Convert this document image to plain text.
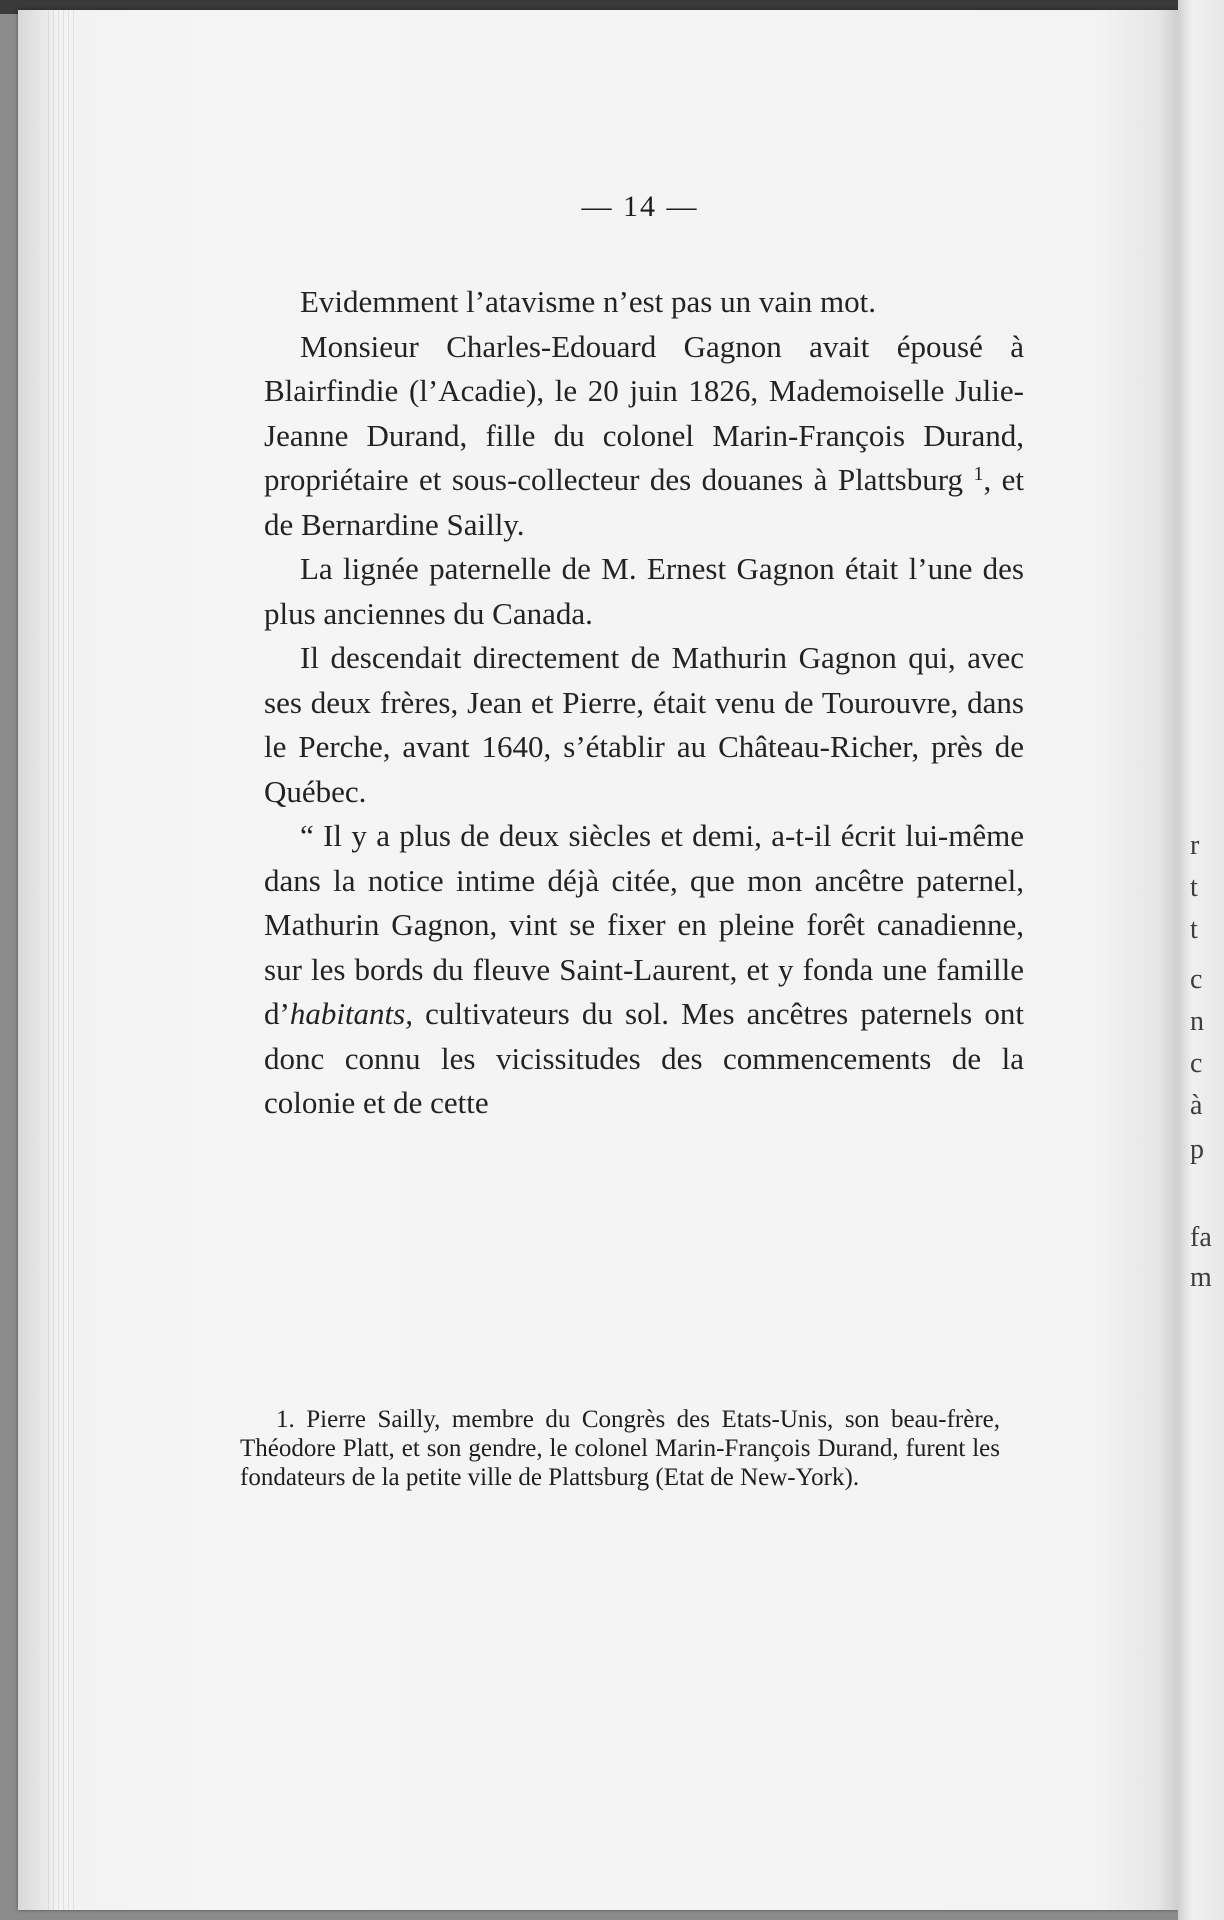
r
t
t
c
n
c
à
p
fa
m
— 14 —

Evidemment l’atavisme n’est pas un vain mot.

Monsieur Charles-Edouard Gagnon avait épousé à Blairfindie (l’Acadie), le 20 juin 1826, Mademoiselle Julie-Jeanne Durand, fille du colonel Marin-François Durand, propriétaire et sous-collecteur des douanes à Plattsburg $^1$, et de Bernardine Sailly.

La lignée paternelle de M. Ernest Gagnon était l’une des plus anciennes du Canada.

Il descendait directement de Mathurin Gagnon qui, avec ses deux frères, Jean et Pierre, était venu de Tourouvre, dans le Perche, avant 1640, s’établir au Château-Richer, près de Québec.

“ Il y a plus de deux siècles et demi, a-t-il écrit lui-même dans la notice intime déjà citée, que mon ancêtre paternel, Mathurin Gagnon, vint se fixer en pleine forêt canadienne, sur les bords du fleuve Saint-Laurent, et y fonda une famille d’habitants, cultivateurs du sol. Mes ancêtres paternels ont donc connu les vicissitudes des commencements de la colonie et de cette

1. Pierre Sailly, membre du Congrès des Etats-Unis, son beau-frère, Théodore Platt, et son gendre, le colonel Marin-François Durand, furent les fondateurs de la petite ville de Plattsburg (Etat de New-York).
